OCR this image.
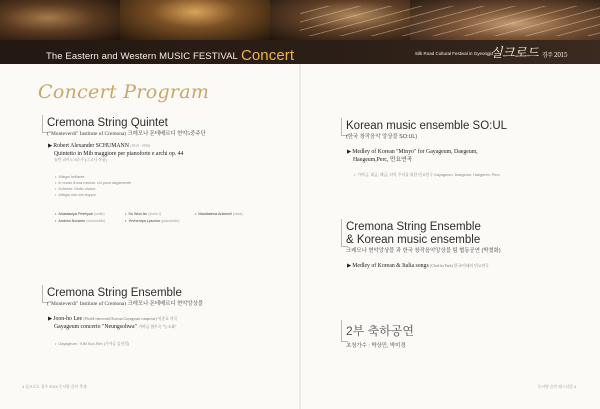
The Eastern and Western MUSIC FESTIVAL Concert	Silk Road Cultural Festival in Gyeongju
실크로드 경주 2015
Concert Program
Cremona String Quintet
("Monteverdi" Institute of Cremona) 크레모나 몬테베르디 현악5중주단
▶Robert Alexander SCHUMANN (1810 - 1856)
Quintetto in Mib maggiore per pianoforte e archi op. 44
슈만 피아노 5중주 (그고사 작품)
• Allegro brillante
• In modo d'una marcia. Un poco largamente
• Scherzo: Molto vivace
• Allegro ma non troppo
• Anastasiya Petrhyuk (violin)	• So Won An (violin I)	• Maddalena Adamoli (viola)
• Andrea Noramo (violoncello)	• Yevheniya Lysohor (pianoforte)
Cremona String Ensemble
("Monteverdi" Institute of Cremona) 크레모나 몬테베르디 현악앙상블
▶Joon-ho Lee (World-renowned Korean Gayageum composer) 이준호 작곡
Gayageum concerto "Neungsohwa" 가야금 협주곡 "능소화"
• Gayageum : KIM Sun-Rim (가야금 김선림)
Korean music ensemble SO:UL
(한국 창작음악 앙상블 SO:UL)
▶Medley of Korean "Minyo" for Gayageum, Daegeum,
Haegeum,Perc, 민요연곡
• 가야금, 대금, 해금, 타악 주자를 위한 민요연곡 Gayageum, Daegeum, Haegeum, Perc.
Cremona String Ensemble
& Korean music ensemble
크레모나 현악앙상블 과 한국 창작음악앙상블 팀 협동공연 (박철화)
▶Medley of Korean & Italia songs (Chul-ha Park) 한국/이태리 민요연곡
2부 축하공연
초청가수 : 박상민, 박미경
4 실크로드 경주 2015 동서양 음악 축제	동서양 음악 페스티벌 5
